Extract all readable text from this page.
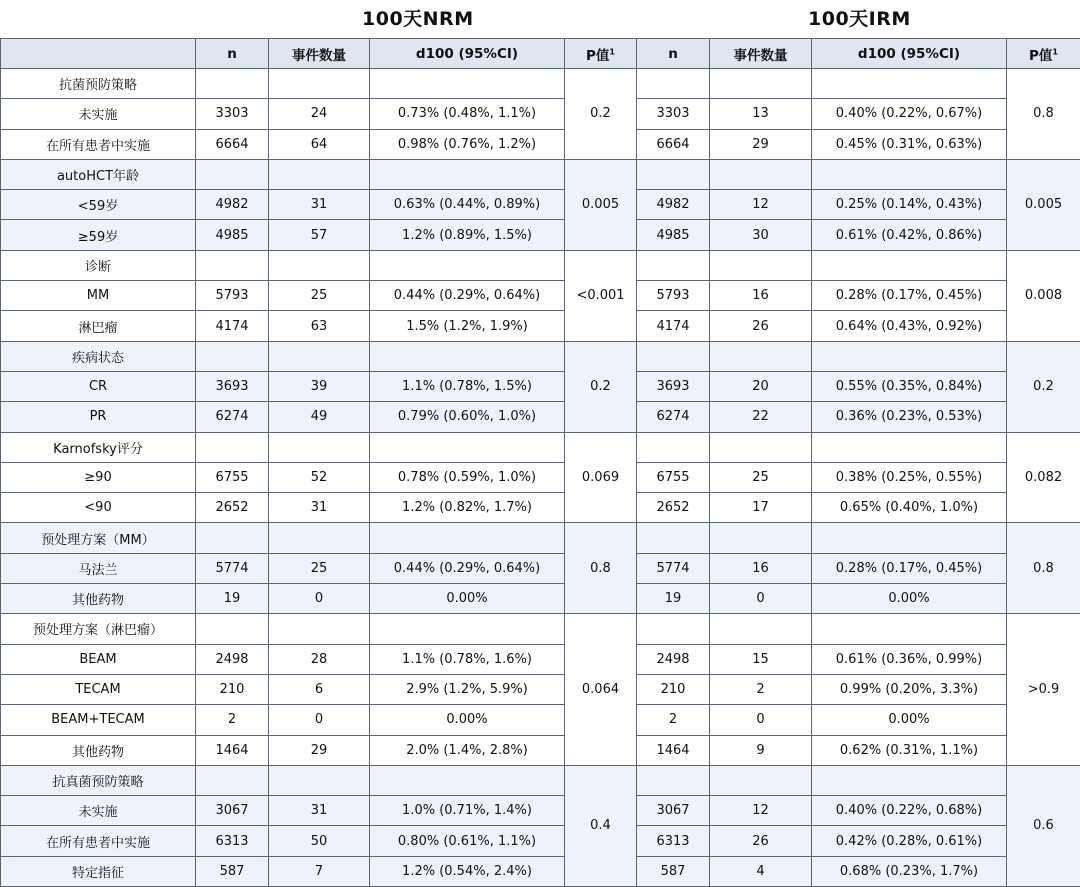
100天NRM	100天IRM
	n	事件数量	d100 (95%CI)	P值$^1$	n	事件数量	d100 (95%CI)	P值$^1$
抗菌预防策略				0.2				0.8
未实施	3303	24	0.73% (0.48%, 1.1%)		3303	13	0.40% (0.22%, 0.67%)	
在所有患者中实施	6664	64	0.98% (0.76%, 1.2%)		6664	29	0.45% (0.31%, 0.63%)	
autoHCT年龄				0.005				0.005
<59岁	4982	31	0.63% (0.44%, 0.89%)		4982	12	0.25% (0.14%, 0.43%)	
≥59岁	4985	57	1.2% (0.89%, 1.5%)		4985	30	0.61% (0.42%, 0.86%)	
诊断				<0.001				0.008
MM	5793	25	0.44% (0.29%, 0.64%)		5793	16	0.28% (0.17%, 0.45%)	
淋巴瘤	4174	63	1.5% (1.2%, 1.9%)		4174	26	0.64% (0.43%, 0.92%)	
疾病状态				0.2				0.2
CR	3693	39	1.1% (0.78%, 1.5%)		3693	20	0.55% (0.35%, 0.84%)	
PR	6274	49	0.79% (0.60%, 1.0%)		6274	22	0.36% (0.23%, 0.53%)	
Karnofsky评分				0.069				0.082
≥90	6755	52	0.78% (0.59%, 1.0%)		6755	25	0.38% (0.25%, 0.55%)	
<90	2652	31	1.2% (0.82%, 1.7%)		2652	17	0.65% (0.40%, 1.0%)	
预处理方案（MM）				0.8				0.8
马法兰	5774	25	0.44% (0.29%, 0.64%)		5774	16	0.28% (0.17%, 0.45%)	
其他药物	19	0	0.00%		19	0	0.00%	
预处理方案（淋巴瘤）				0.064				>0.9
BEAM	2498	28	1.1% (0.78%, 1.6%)		2498	15	0.61% (0.36%, 0.99%)	
TECAM	210	6	2.9% (1.2%, 5.9%)		210	2	0.99% (0.20%, 3.3%)	
BEAM+TECAM	2	0	0.00%		2	0	0.00%	
其他药物	1464	29	2.0% (1.4%, 2.8%)		1464	9	0.62% (0.31%, 1.1%)	
抗真菌预防策略				0.4				0.6
未实施	3067	31	1.0% (0.71%, 1.4%)		3067	12	0.40% (0.22%, 0.68%)	
在所有患者中实施	6313	50	0.80% (0.61%, 1.1%)		6313	26	0.42% (0.28%, 0.61%)	
特定指征	587	7	1.2% (0.54%, 2.4%)		587	4	0.68% (0.23%, 1.7%)	
